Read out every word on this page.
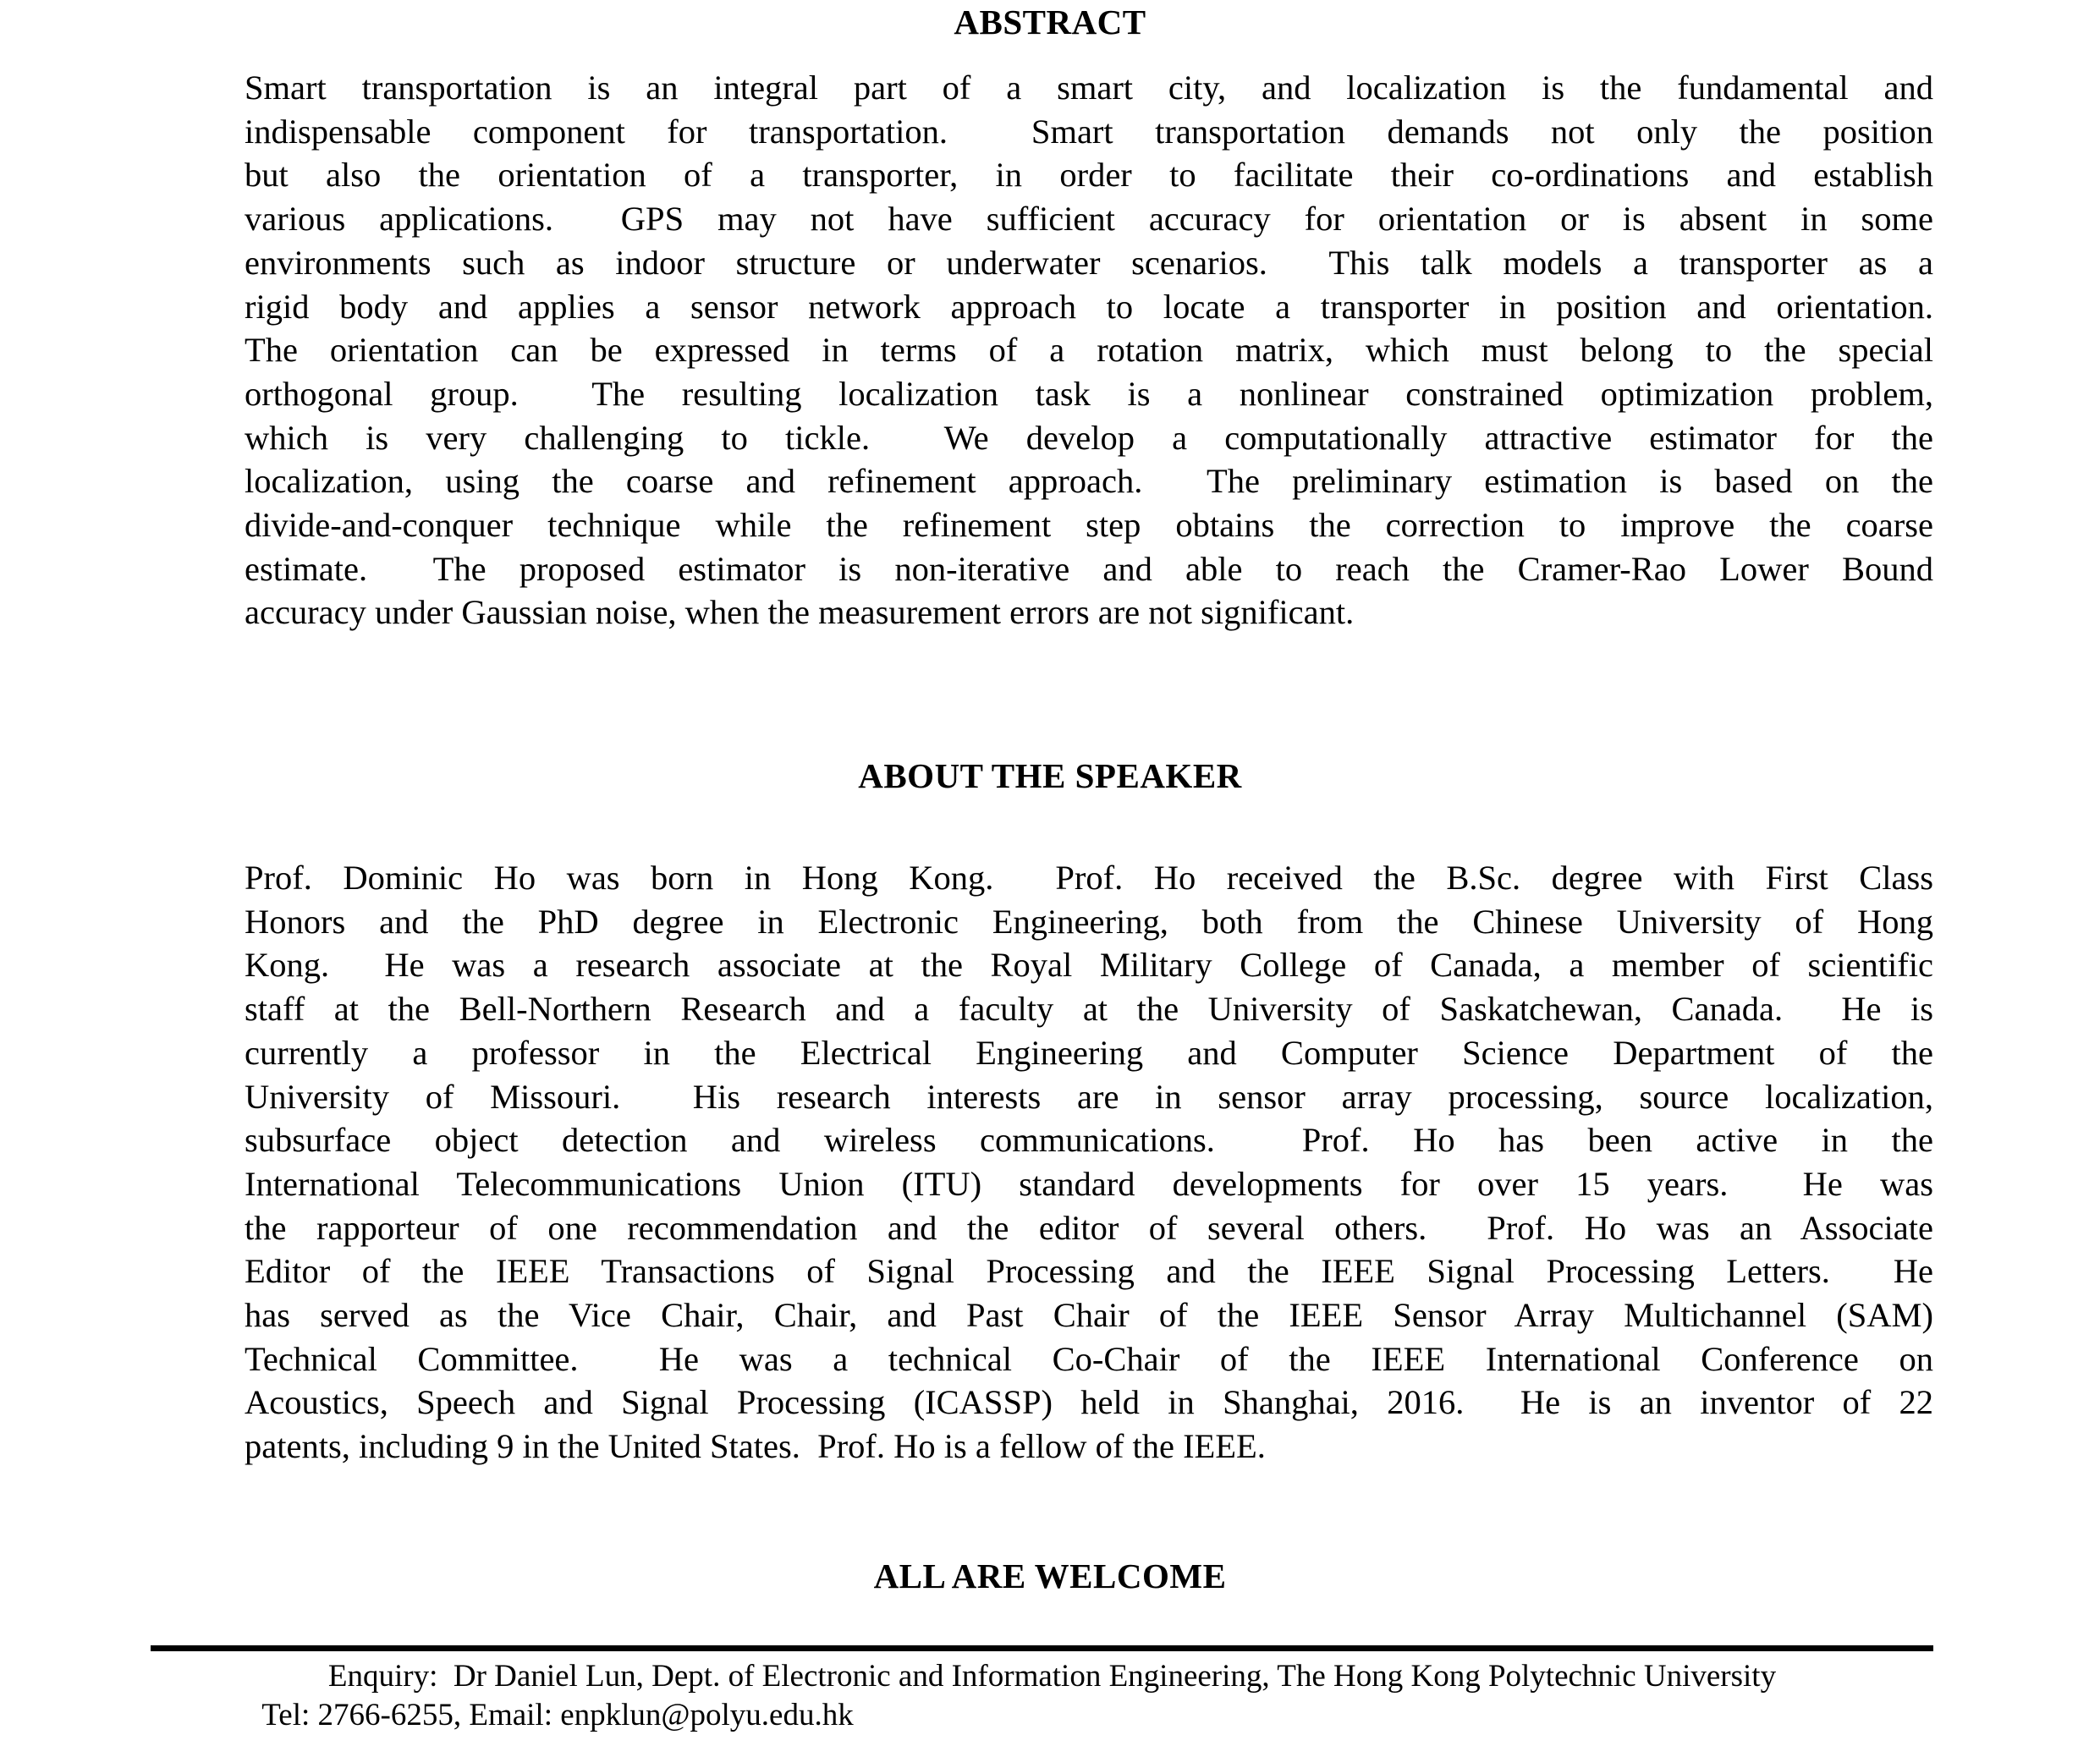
ABSTRACT
Smart transportation is an integral part of a smart city, and localization is the fundamental and
indispensable component for transportation.  Smart transportation demands not only the position
but also the orientation of a transporter, in order to facilitate their co-ordinations and establish
various applications.  GPS may not have sufficient accuracy for orientation or is absent in some
environments such as indoor structure or underwater scenarios.  This talk models a transporter as a
rigid body and applies a sensor network approach to locate a transporter in position and orientation.
The orientation can be expressed in terms of a rotation matrix, which must belong to the special
orthogonal group.  The resulting localization task is a nonlinear constrained optimization problem,
which is very challenging to tickle.  We develop a computationally attractive estimator for the
localization, using the coarse and refinement approach.  The preliminary estimation is based on the
divide-and-conquer technique while the refinement step obtains the correction to improve the coarse
estimate.  The proposed estimator is non-iterative and able to reach the Cramer-Rao Lower Bound
accuracy under Gaussian noise, when the measurement errors are not significant.
ABOUT THE SPEAKER
Prof. Dominic Ho was born in Hong Kong.  Prof. Ho received the B.Sc. degree with First Class
Honors and the PhD degree in Electronic Engineering, both from the Chinese University of Hong
Kong.  He was a research associate at the Royal Military College of Canada, a member of scientific
staff at the Bell-Northern Research and a faculty at the University of Saskatchewan, Canada.  He is
currently a professor in the Electrical Engineering and Computer Science Department of the
University of Missouri.  His research interests are in sensor array processing, source localization,
subsurface object detection and wireless communications.  Prof. Ho has been active in the
International Telecommunications Union (ITU) standard developments for over 15 years.  He was
the rapporteur of one recommendation and the editor of several others.  Prof. Ho was an Associate
Editor of the IEEE Transactions of Signal Processing and the IEEE Signal Processing Letters.  He
has served as the Vice Chair, Chair, and Past Chair of the IEEE Sensor Array Multichannel (SAM)
Technical Committee.  He was a technical Co-Chair of the IEEE International Conference on
Acoustics, Speech and Signal Processing (ICASSP) held in Shanghai, 2016.  He is an inventor of 22
patents, including 9 in the United States.  Prof. Ho is a fellow of the IEEE.
ALL ARE WELCOME
Enquiry:  Dr Daniel Lun, Dept. of Electronic and Information Engineering, The Hong Kong Polytechnic University
Tel: 2766-6255, Email: enpklun@polyu.edu.hk
